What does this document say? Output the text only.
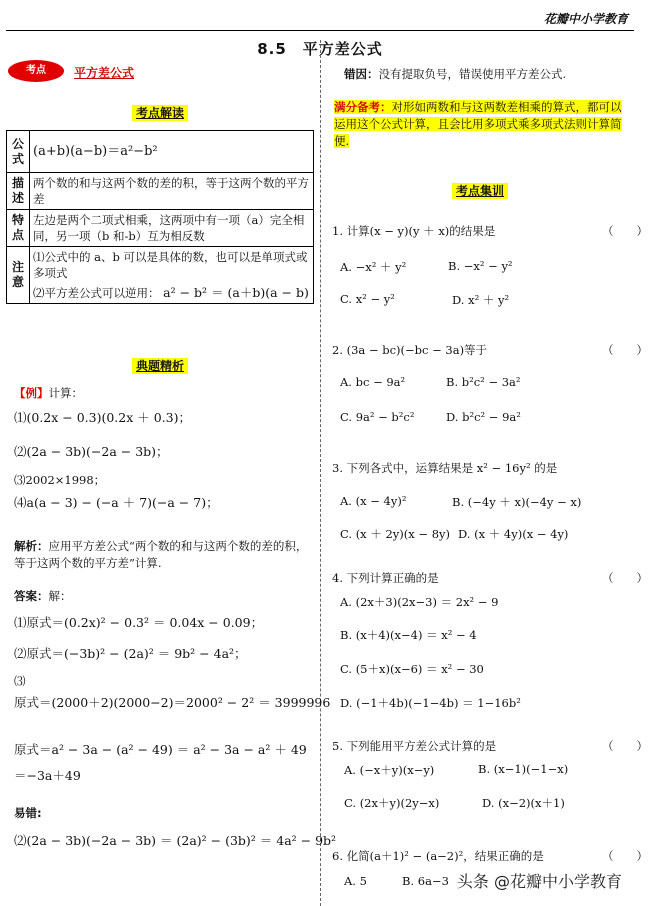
花瓣中小学教育
8.5　平方差公式
考点	平方差公式
考点解读
公式	(a+b)(a−b)＝a²−b²
描述	两个数的和与这两个数的差的积，等于这两个数的平方差
特点	左边是两个二项式相乘，这两项中有一项（a）完全相同，另一项（b 和-b）互为相反数
注意	⑴公式中的 a、b 可以是具体的数，也可以是单项式或多项式
⑵平方差公式可以逆用： a² − b² ＝ (a＋b)(a − b)
典题精析
【例】计算：
⑴(0.2x − 0.3)(0.2x ＋ 0.3)；
⑵(2a − 3b)(−2a − 3b)；
⑶2002×1998；
⑷a(a − 3) − (−a ＋ 7)(−a − 7)；
解析：应用平方差公式“两个数的和与这两个数的差的积，等于这两个数的平方差”计算.
答案：解：
⑴原式＝(0.2x)² − 0.3² ＝ 0.04x − 0.09；
⑵原式＝(−3b)² − (2a)² ＝ 9b² − 4a²；
⑶
原式＝(2000＋2)(2000−2)＝2000² − 2² ＝ 3999996
原式＝a² − 3a − (a² − 49) ＝ a² − 3a − a² ＋ 49
＝−3a＋49
易错:
⑵(2a − 3b)(−2a − 3b) ＝ (2a)² − (3b)² ＝ 4a² − 9b²
错因：没有提取负号，错误使用平方差公式.
满分备考：对形如两数和与这两数差相乘的算式，都可以运用这个公式计算，且会比用多项式乘多项式法则计算简便.
考点集训
1. 计算(x − y)(y ＋ x)的结果是	（　　）
A. −x² ＋ y²	B. −x² − y²
C. x² − y²	D. x² ＋ y²
2. (3a − bc)(−bc − 3a)等于	（　　）
A. bc − 9a²	B. b²c² − 3a²
C. 9a² − b²c²	D. b²c² − 9a²
3. 下列各式中，运算结果是 x² − 16y² 的是
A. (x − 4y)²	B. (−4y ＋ x)(−4y − x)
C. (x ＋ 2y)(x − 8y) D. (x ＋ 4y)(x − 4y)
4. 下列计算正确的是	（　　）
A. (2x＋3)(2x−3) ＝ 2x² − 9
B. (x＋4)(x−4) ＝ x² − 4
C. (5＋x)(x−6) ＝ x² − 30
D. (−1＋4b)(−1−4b) ＝ 1−16b²
5. 下列能用平方差公式计算的是	（　　）
A. (−x＋y)(x−y)	B. (x−1)(−1−x)
C. (2x＋y)(2y−x)	D. (x−2)(x＋1)
6. 化简(a＋1)² − (a−2)²，结果正确的是	（　　）
A. 5	B. 6a−3 头条 @花瓣中小学教育
